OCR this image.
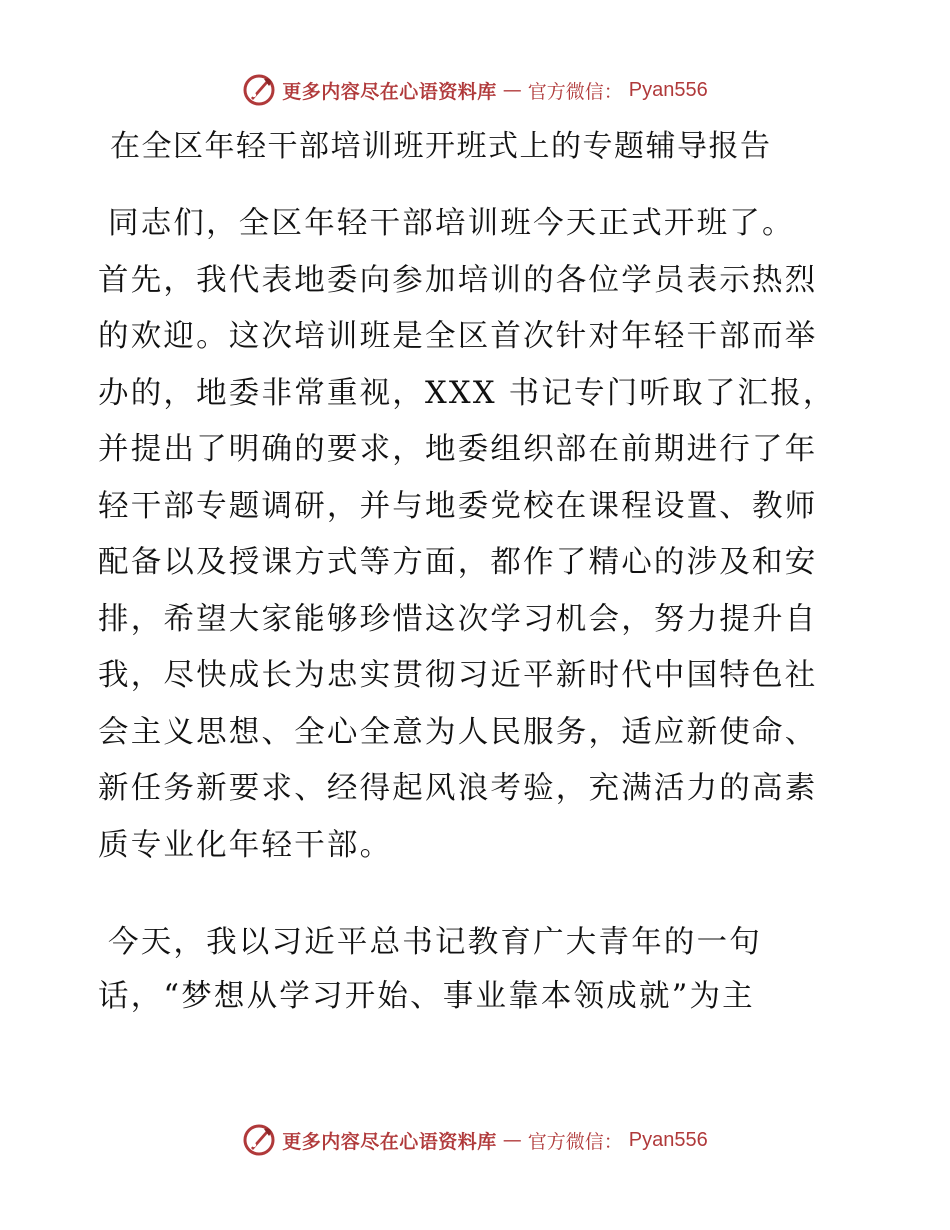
更多内容尽在心语资料库 — 官方微信： Pyan556
在全区年轻干部培训班开班式上的专题辅导报告
同志们，全区年轻干部培训班今天正式开班了。
首先，我代表地委向参加培训的各位学员表示热烈
的欢迎。这次培训班是全区首次针对年轻干部而举
办的，地委非常重视，XXX 书记专门听取了汇报，
并提出了明确的要求，地委组织部在前期进行了年
轻干部专题调研，并与地委党校在课程设置、教师
配备以及授课方式等方面，都作了精心的涉及和安
排，希望大家能够珍惜这次学习机会，努力提升自
我，尽快成长为忠实贯彻习近平新时代中国特色社
会主义思想、全心全意为人民服务，适应新使命、
新任务新要求、经得起风浪考验，充满活力的高素
质专业化年轻干部。
今天，我以习近平总书记教育广大青年的一句
话，“梦想从学习开始、事业靠本领成就”为主
更多内容尽在心语资料库 — 官方微信： Pyan556
